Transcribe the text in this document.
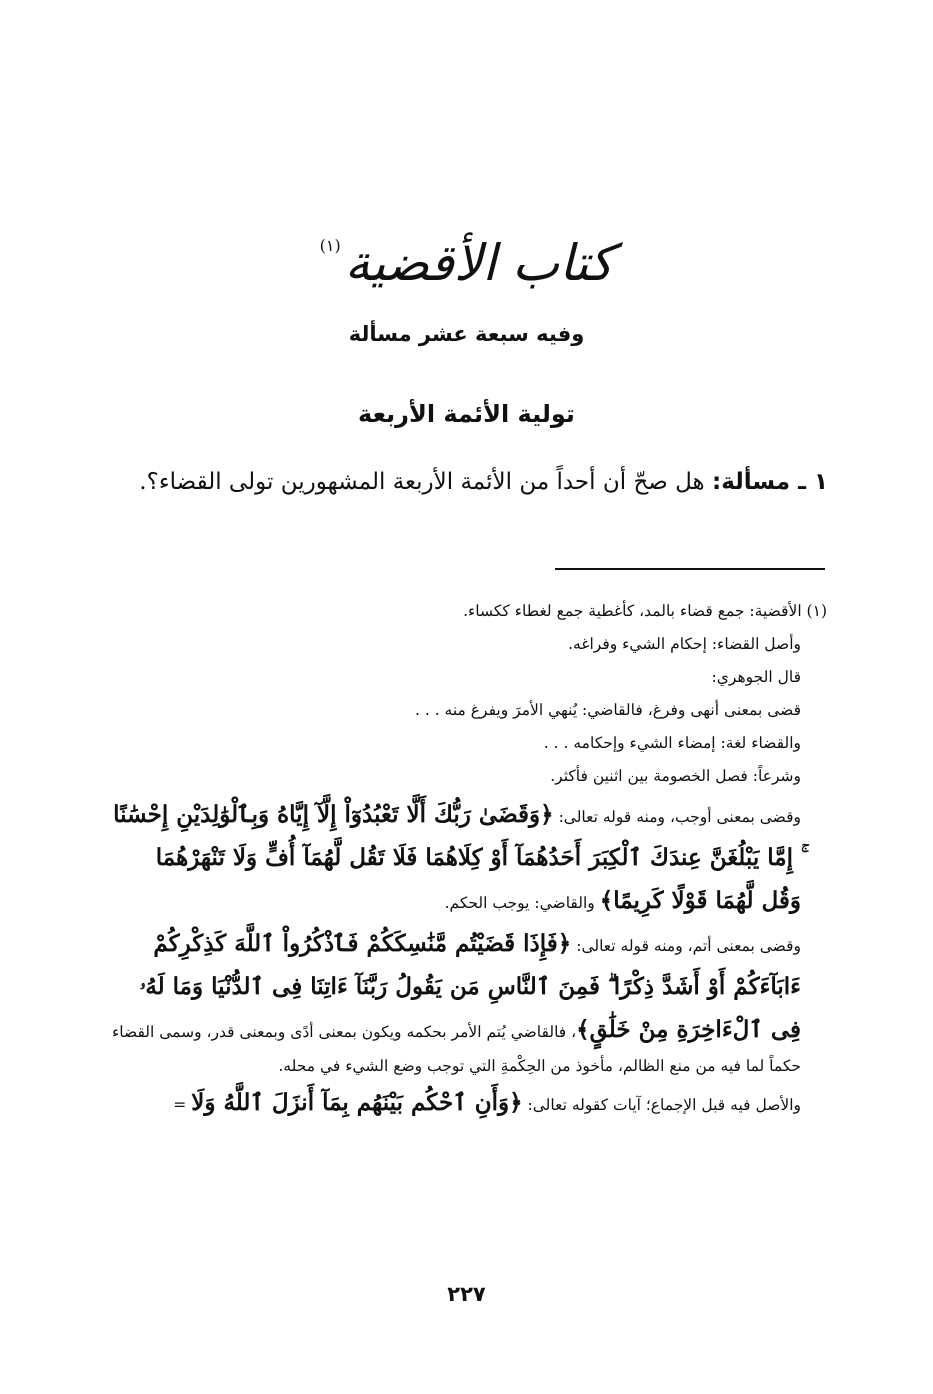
كتاب الأقضية$^{(١)}$
وفيه سبعة عشر مسألة
تولية الأئمة الأربعة
١ ـ مسألة: هل صحّ أن أحداً من الأئمة الأربعة المشهورين تولى القضاء؟.

(١) الأقضية: جمع قضاء بالمد، كأغطية جمع لغطاء ككساء.

وأصل القضاء: إحكام الشيء وفراغه.

قال الجوهري:

قضى بمعنى أنهى وفرغ، فالقاضي: يُنهي الأمرَ ويفرغ منه . . .

والقضاء لغة: إمضاء الشيء وإحكامه . . .

وشرعاً: فصل الخصومة بين اثنين فأكثر.

وقضى بمعنى أوجب، ومنه قوله تعالى: ﴿وَقَضَىٰ رَبُّكَ أَلَّا تَعْبُدُوٓاْ إِلَّآ إِيَّاهُ وَبِٱلْوَٰلِدَيْنِ إِحْسَٰنًا ۚ إِمَّا يَبْلُغَنَّ عِندَكَ ٱلْكِبَرَ أَحَدُهُمَآ أَوْ كِلَاهُمَا فَلَا تَقُل لَّهُمَآ أُفٍّ وَلَا تَنْهَرْهُمَا وَقُل لَّهُمَا قَوْلًا كَرِيمًا﴾ والقاضي: يوجب الحكم.

وقضى بمعنى أتم، ومنه قوله تعالى: ﴿فَإِذَا قَضَيْتُم مَّنَٰسِكَكُمْ فَٱذْكُرُواْ ٱللَّهَ كَذِكْرِكُمْ ءَابَآءَكُمْ أَوْ أَشَدَّ ذِكْرًا ۗ فَمِنَ ٱلنَّاسِ مَن يَقُولُ رَبَّنَآ ءَاتِنَا فِى ٱلدُّنْيَا وَمَا لَهُۥ فِى ٱلْءَاخِرَةِ مِنْ خَلَٰقٍ﴾، فالقاضي يُتم الأمر بحكمه ويكون بمعنى أدًى وبمعنى قدر، وسمى القضاء حكماً لما فيه من منع الظالم، مأخوذ من الحِكْمةِ التي توجب وضع الشيء في محله.

والأصل فيه قبل الإجماع؛ آيات كقوله تعالى: ﴿وَأَنِ ٱحْكُم بَيْنَهُم بِمَآ أَنزَلَ ٱللَّهُ وَلَا =

٢٢٧
